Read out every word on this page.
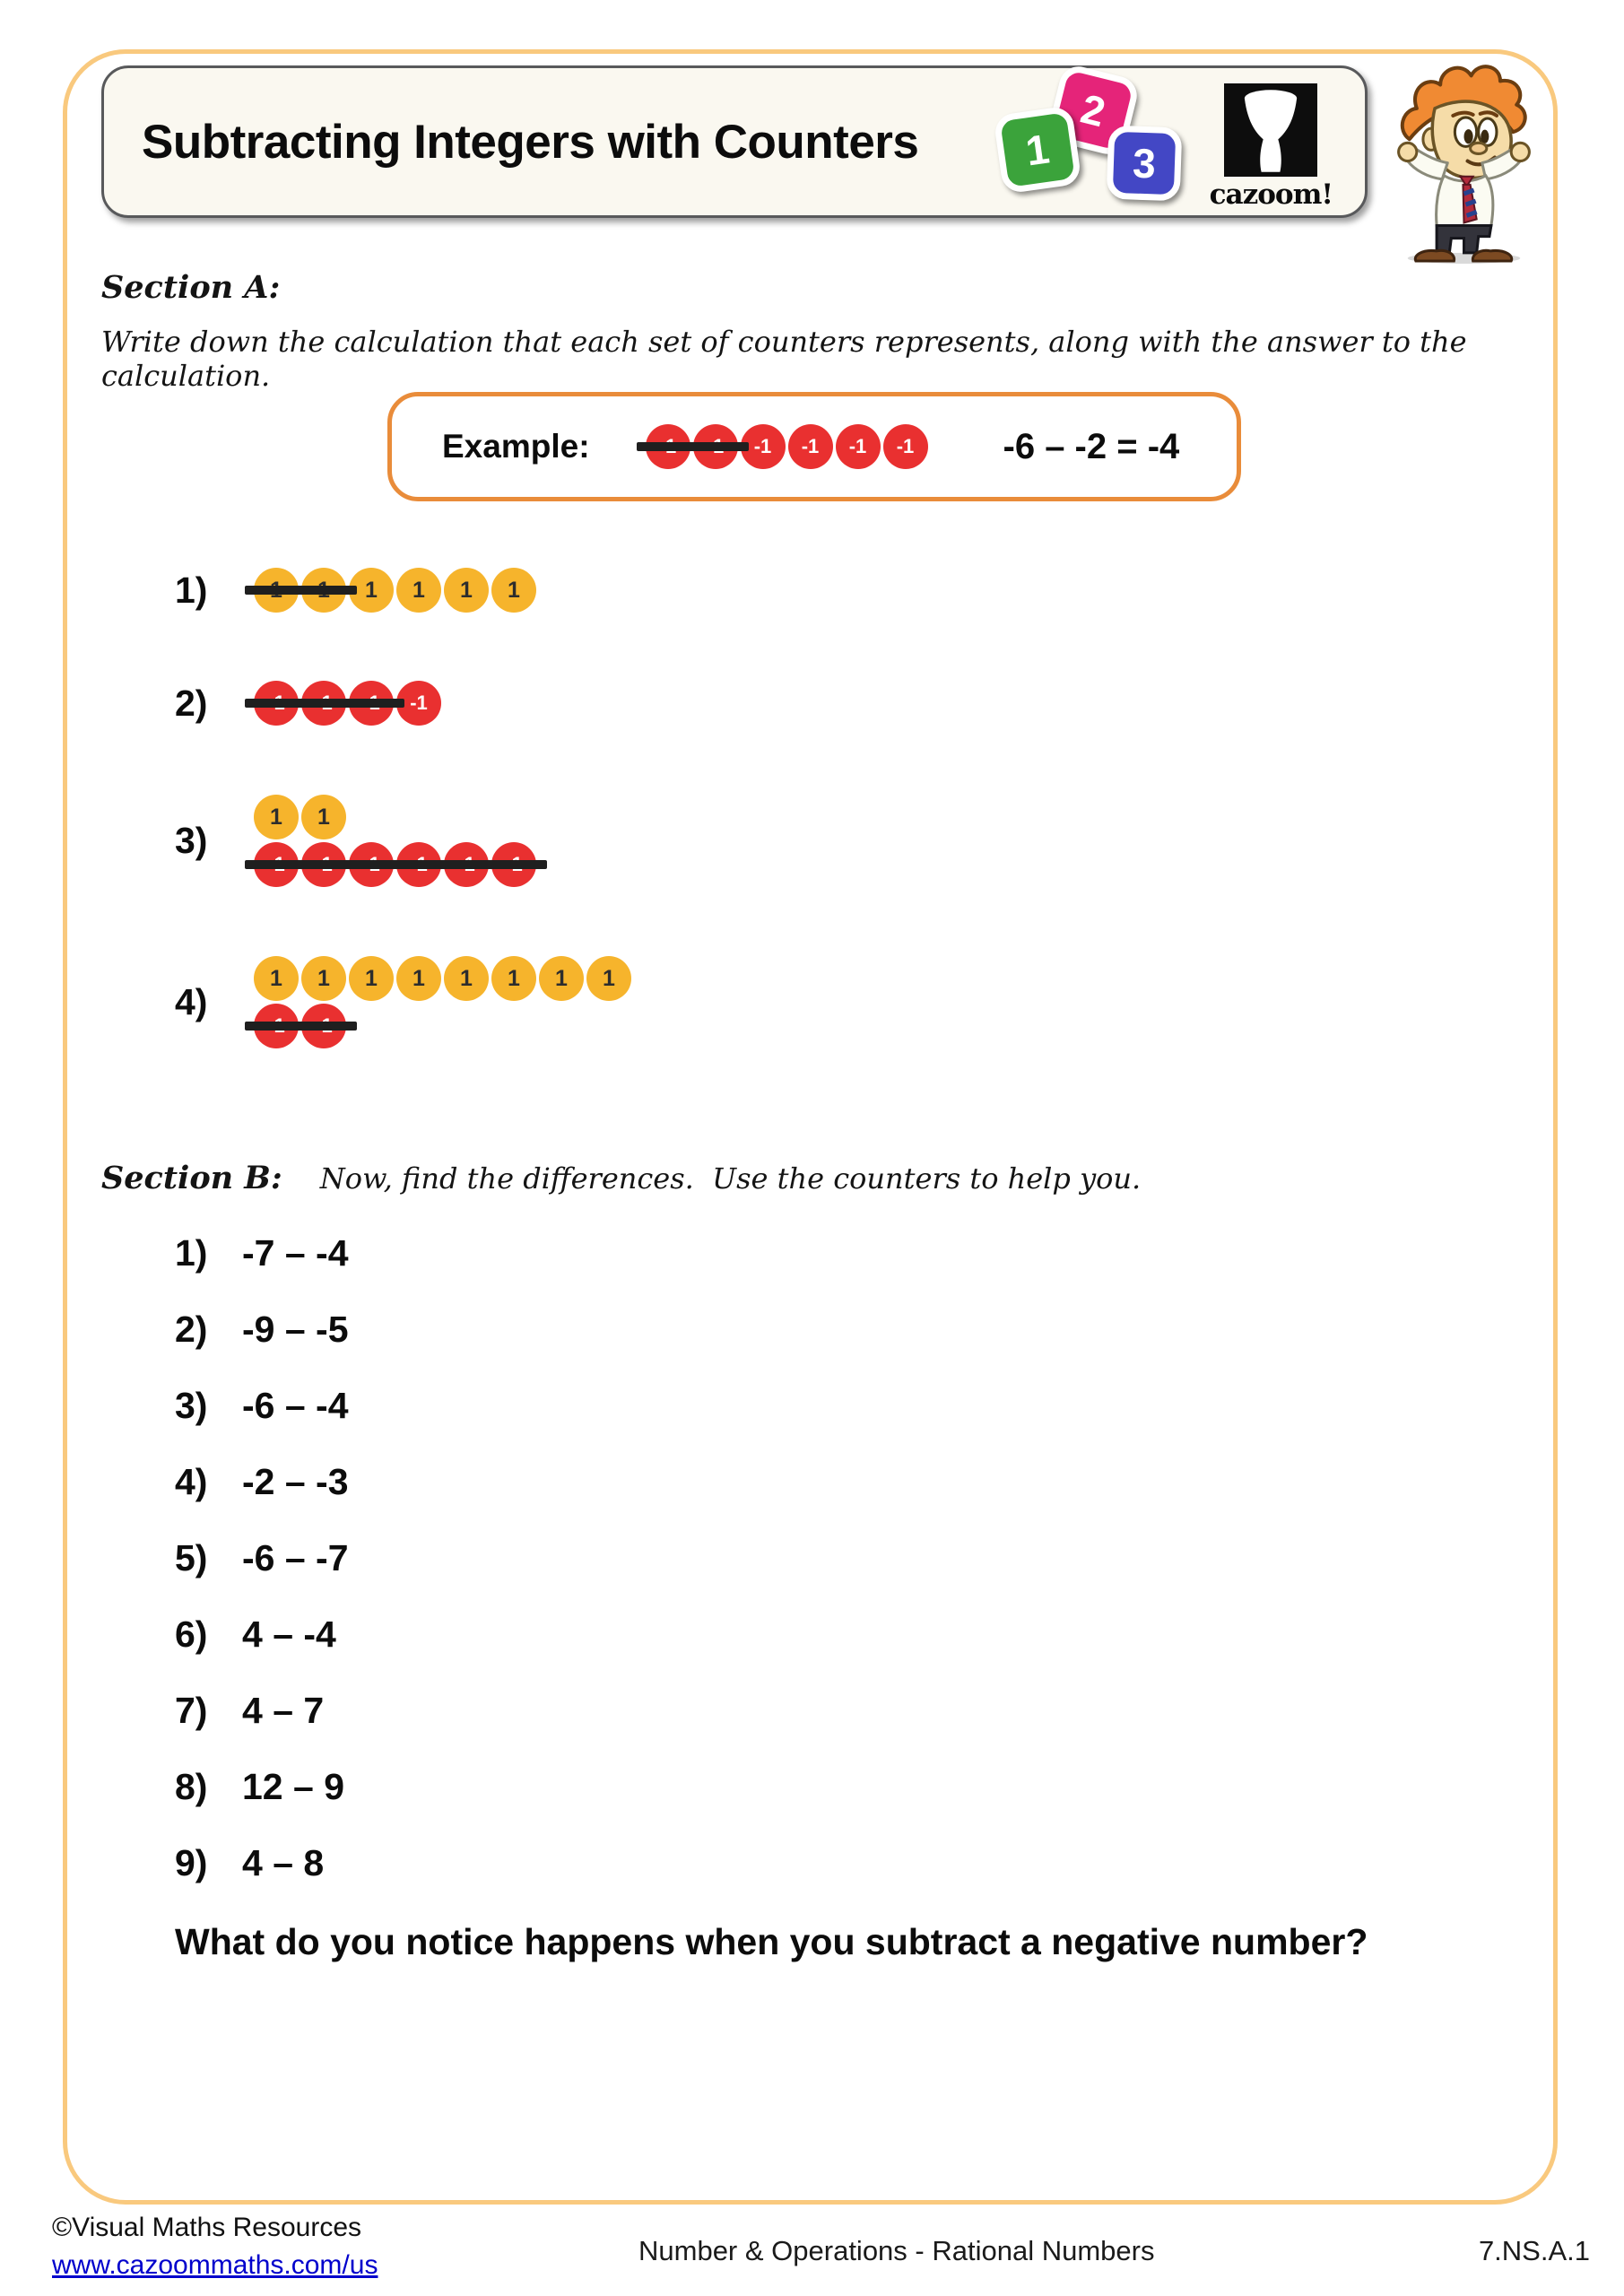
Subtracting Integers with Counters
2
1	3
cazoom!
Section A:
Write down the calculation that each set of counters represents, along with the answer to the calculation.
Example:	-1	-1	-1	-1	-6 – -2 = -4
1)	1	1	1	1
2)	-1
3)
1	1
4)
1	1	1	1	1	1	1	1
Section B: Now, find the differences.  Use the counters to help you.
1) -7 – -4
2) -9 – -5
3) -6 – -4
4) -2 – -3
5) -6 – -7
6) 4 – -4
7) 4 – 7
8) 12 – 9
9) 4 – 8
What do you notice happens when you subtract a negative number?
©Visual Maths Resources
www.cazoommaths.com/us	Number & Operations - Rational Numbers	7.NS.A.1
